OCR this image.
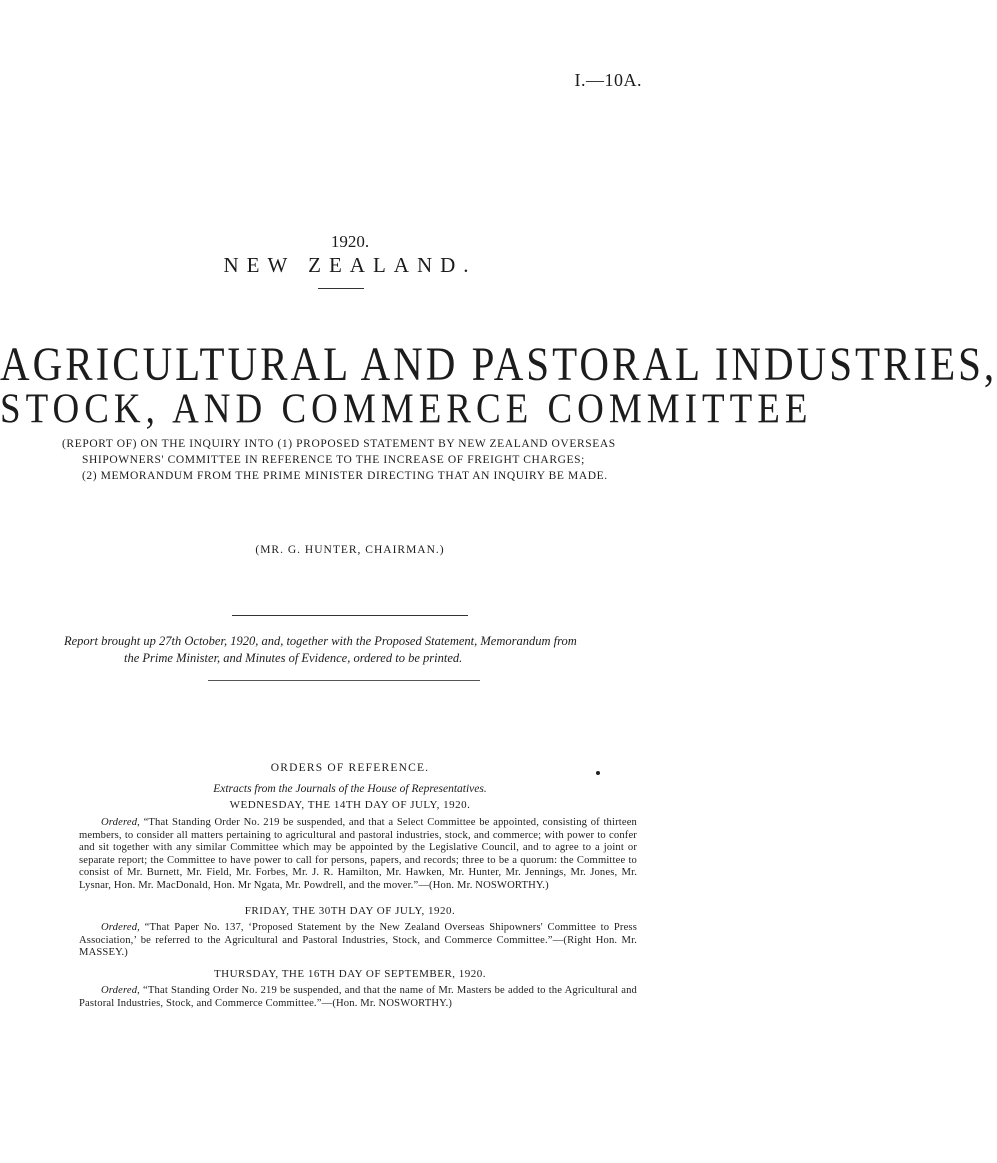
I.—10A.
1920.
NEW ZEALAND.
AGRICULTURAL AND PASTORAL INDUSTRIES,
STOCK, AND COMMERCE COMMITTEE
(REPORT OF) ON THE INQUIRY INTO (1) PROPOSED STATEMENT BY NEW ZEALAND OVERSEAS
SHIPOWNERS' COMMITTEE IN REFERENCE TO THE INCREASE OF FREIGHT CHARGES;
(2) MEMORANDUM FROM THE PRIME MINISTER DIRECTING THAT AN INQUIRY BE MADE.
(MR. G. HUNTER, CHAIRMAN.)
Report brought up 27th October, 1920, and, together with the Proposed Statement, Memorandum from
the Prime Minister, and Minutes of Evidence, ordered to be printed.
ORDERS OF REFERENCE.
Extracts from the Journals of the House of Representatives.
WEDNESDAY, THE 14TH DAY OF JULY, 1920.
Ordered, “That Standing Order No. 219 be suspended, and that a Select Committee be appointed, consisting of thirteen members, to consider all matters pertaining to agricultural and pastoral industries, stock, and commerce; with power to confer and sit together with any similar Committee which may be appointed by the Legislative Council, and to agree to a joint or separate report; the Committee to have power to call for persons, papers, and records; three to be a quorum: the Committee to consist of Mr. Burnett, Mr. Field, Mr. Forbes, Mr. J. R. Hamilton, Mr. Hawken, Mr. Hunter, Mr. Jennings, Mr. Jones, Mr. Lysnar, Hon. Mr. MacDonald, Hon. Mr Ngata, Mr. Powdrell, and the mover.”—(Hon. Mr. NOSWORTHY.)
FRIDAY, THE 30TH DAY OF JULY, 1920.
Ordered, “That Paper No. 137, ‘Proposed Statement by the New Zealand Overseas Shipowners' Committee to Press Association,’ be referred to the Agricultural and Pastoral Industries, Stock, and Commerce Committee.”—(Right Hon. Mr. MASSEY.)
THURSDAY, THE 16TH DAY OF SEPTEMBER, 1920.
Ordered, “That Standing Order No. 219 be suspended, and that the name of Mr. Masters be added to the Agricultural and Pastoral Industries, Stock, and Commerce Committee.”—(Hon. Mr. NOSWORTHY.)
